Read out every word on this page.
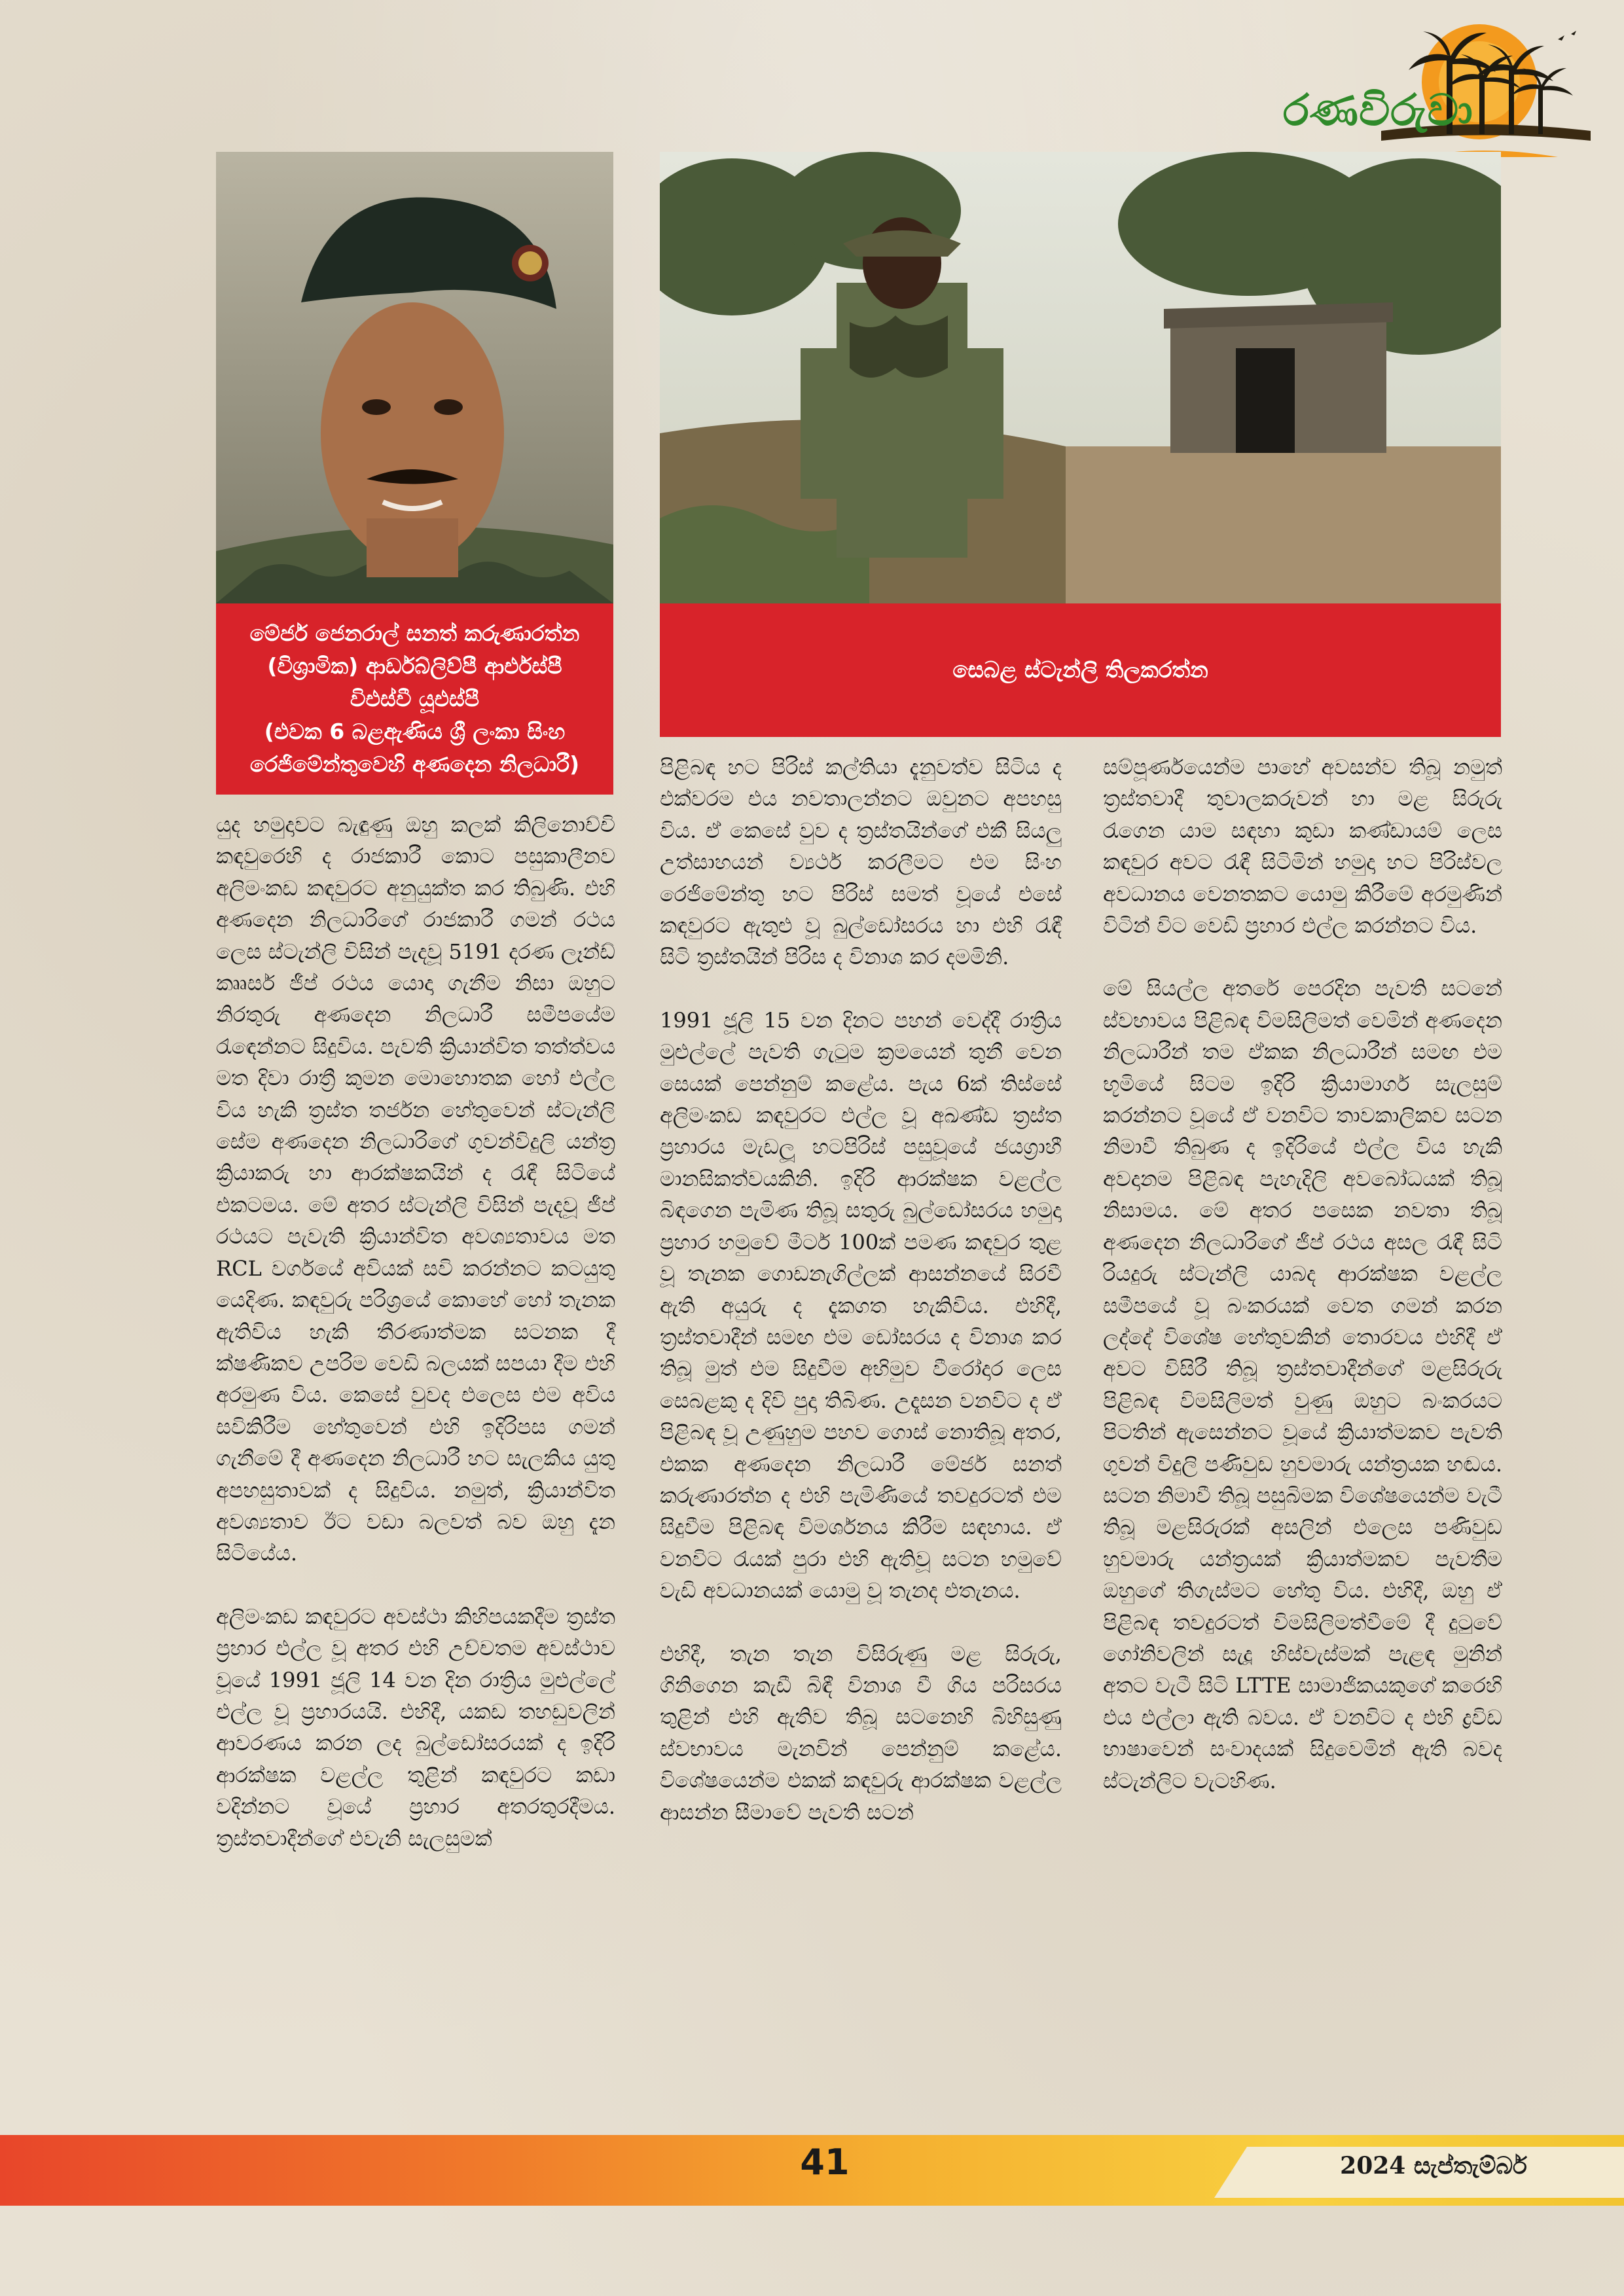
රණවිරුවා
මේජර් ජෙනරාල් සනත් කරුණාරත්න
(විශ්‍රාමික) ආර්ඩබ්ලිව්පී ආර්එස්පී
විඑස්වී යූඑස්පී
(එවක 6 බළඇණිය ශ්‍රී ලංකා සිංහ
රෙජිමේන්තුවෙහි අණදෙන නිලධාරී)
සෙබළ ස්ටැන්ලි තිලකරත්න

යුද හමුදාවට බැඳුණු ඔහු කලක් කිලිනොච්චි කඳවුරෙහි ද රාජකාරී කොට පසුකාලීනව අලිමංකඩ කඳවුරට අනුයුක්ත කර තිබුණි. එහි අණදෙන නිලධාරිගේ රාජකාරී ගමන් රථය ලෙස ස්ටැන්ලි විසින් පැදවූ 5191 දරණ ලෑන්ඩ් කෲසර් ජීප් රථය යොදා ගැනීම නිසා ඔහුට නිරතුරු අණදෙන නිලධාරී සමීපයේම රැඳෙන්නට සිදුවිය. පැවති ක්‍රියාන්විත තත්ත්වය මත දිවා රාත්‍රී කුමන මොහොතක හෝ එල්ල විය හැකි ත්‍රස්ත තර්ජන හේතුවෙන් ස්ටැන්ලි සේම අණදෙන නිලධාරිගේ ගුවන්විදුලි යන්ත්‍ර ක්‍රියාකරු හා ආරක්ෂකයින් ද රැඳී සිටියේ එකටමය. මේ අතර ස්ටැන්ලි විසින් පැදවූ ජීප් රථයට පැවැති ක්‍රියාන්විත අවශ්‍යතාවය මත RCL වර්ගයේ අවියක් සවි කරන්නට කටයුතු යෙදිණ. කඳවුරු පරිශ්‍රයේ කොහේ හෝ තැනක ඇතිවිය හැකි තීරණාත්මක සටනක දී ක්ෂණිකව උපරිම වෙඩි බලයක් සපයා දීම එහි අරමුණ විය. කෙසේ වුවද එලෙස එම අවිය සවිකිරීම හේතුවෙන් එහි ඉදිරිපස ගමන් ගැනීමේ දී අණදෙන නිලධාරී හට සැලකිය යුතු අපහසුතාවක් ද සිදුවිය. නමුත්, ක්‍රියාන්විත අවශ්‍යතාව ඊට වඩා බලවත් බව ඔහු දැන සිටියේය.

අලිමංකඩ කඳවුරට අවස්ථා කිහිපයකදීම ත්‍රස්ත ප්‍රහාර එල්ල වූ අතර එහි උච්චතම අවස්ථාව වූයේ 1991 ජූලි 14 වන දින රාත්‍රිය මුළුල්ලේ එල්ල වූ ප්‍රහාරයයි. එහිදී, යකඩ තහඩුවලින් ආවරණය කරන ලද බුල්ඩෝසරයක් ද ඉදිරි ආරක්ෂක වළල්ල තුළින් කඳවුරට කඩා වදින්නට වූයේ ප්‍රහාර අතරතුරදීමය. ත්‍රස්තවාදීන්ගේ එවැනි සැලසුමක්

පිළිබඳ හට පිරිස් කල්තියා දැනුවත්ව සිටිය ද එක්වරම එය නවතාලන්නට ඔවුනට අපහසු විය. ඒ කෙසේ වුව ද ත්‍රස්තයින්ගේ එකී සියලු උත්සාහයන් ව්‍යර්ථ කරලීමට එම සිංහ රෙජිමේන්තු හට පිරිස් සමත් වූයේ එසේ කඳවුරට ඇතුළු වූ බුල්ඩෝසරය හා එහි රැඳී සිටි ත්‍රස්තයින් පිරිස ද විනාශ කර දමමිනි.

1991 ජූලි 15 වන දිනට පහන් වෙද්දී රාත්‍රිය මුළුල්ලේ පැවති ගැටුම ක්‍රමයෙන් තුනී වෙන සෙයක් පෙන්නුම් කළේය. පැය 6ක් තිස්සේ අලිමංකඩ කඳවුරට එල්ල වූ අඛණ්ඩ ත්‍රස්ත ප්‍රහාරය මැඩලූ හටපිරිස් පසුවූයේ ජයග්‍රාහී මානසිකත්වයකිනි. ඉදිරි ආරක්ෂක වළල්ල බිඳගෙන පැමිණ තිබූ සතුරු බුල්ඩෝසරය හමුදා ප්‍රහාර හමුවේ මීටර් 100ක් පමණ කඳවුර තුළ වූ තැනක ගොඩනැගිල්ලක් ආසන්නයේ සිරවී ඇති අයුරු ද දැකගත හැකිවිය. එහිදී, ත්‍රස්තවාදීන් සමඟ එම ඩෝසරය ද විනාශ කර තිබූ මුත් එම සිදුවීම අභිමුව වීරෝදාර ලෙස සෙබළකු ද දිවි පුදා තිබිණ. උදෑසන වනවිට ද ඒ පිළිබඳ වූ උණුහුම පහව ගොස් නොතිබූ අතර, එකක අණදෙන නිලධාරී මේජර් සනත් කරුණාරත්න ද එහි පැමිණියේ තවදුරටත් එම සිදුවීම පිළිබඳ විමර්ශනය කිරීම සඳහාය. ඒ වනවිට රැයක් පුරා එහි ඇතිවූ සටන හමුවේ වැඩි අවධානයක් යොමු වූ තැනද එතැනය.

එහිදී, තැන තැන විසිරුණු මළ සිරුරු, ගිනිගෙන කැඩී බිඳී විනාශ වී ගිය පරිසරය තුළින් එහි ඇතිව තිබූ සටනෙහි බිහිසුණු ස්වභාවය මැනවින් පෙන්නුම් කළේය. විශේෂයෙන්ම එකක් කඳවුරු ආරක්ෂක වළල්ල ආසන්න සීමාවේ පැවති සටන්

සම්පූර්ණයෙන්ම පාහේ අවසන්ව තිබූ නමුත් ත්‍රස්තවාදී තුවාලකරුවන් හා මළ සිරුරු රැගෙන යාම සඳහා කුඩා කණ්ඩායම් ලෙස කඳවුර අවට රැඳී සිටිමින් හමුදා හට පිරිස්වල අවධානය වෙනතකට යොමු කිරීමේ අරමුණින් විටින් විට වෙඩි ප්‍රහාර එල්ල කරන්නට විය.

මේ සියල්ල අතරේ පෙරදින පැවති සටනේ ස්වභාවය පිළිබඳ විමසිලිමත් වෙමින් අණදෙන නිලධාරීන් තම ඒකක නිලධාරීන් සමඟ එම භූමියේ සිටම ඉදිරි ක්‍රියාමාර්ග සැලසුම් කරන්නට වූයේ ඒ වනවිට තාවකාලිකව සටන නිමාවී තිබුණ ද ඉදිරියේ එල්ල විය හැකි අවදානම පිළිබඳ පැහැදිලි අවබෝධයක් තිබූ නිසාමය. මේ අතර පසෙක නවතා තිබූ අණදෙන නිලධාරිගේ ජීප් රථය අසල රැඳී සිටි රියදුරු ස්ටැන්ලි යාබද ආරක්ෂක වළල්ල සමීපයේ වූ බංකරයක් වෙත ගමන් කරන ලද්දේ විශේෂ හේතුවකින් තොරවය එහිදී ඒ අවට විසිරී තිබූ ත්‍රස්තවාදීන්ගේ මළසිරුරු පිළිබඳ විමසිලිමත් වුණු ඔහුට බංකරයට පිටතින් ඇසෙන්නට වූයේ ක්‍රියාත්මකව පැවති ගුවන් විදුලි පණිවුඩ හුවමාරු යන්ත්‍රයක හඬය. සටන නිමාවී තිබූ පසුබිමක විශේෂයෙන්ම වැටී තිබූ මළසිරුරක් අසලින් එලෙස පණිවුඩ හුවමාරු යන්ත්‍රයක් ක්‍රියාත්මකව පැවතීම ඔහුගේ තිගැස්මට හේතු විය. එහිදී, ඔහු ඒ පිළිබඳ තවදුරටත් විමසිලිමත්වීමේ දී දුටුවේ ගෝනිවලින් සැදූ හිස්වැස්මක් පැළඳ මුනින් අතට වැටී සිටි LTTE සාමාජිකයකුගේ කරෙහි එය එල්ලා ඇති බවය. ඒ වනවිට ද එහි ද්‍රවිඩ භාෂාවෙන් සංවාදයක් සිදුවෙමින් ඇති බවද ස්ටැන්ලිට වැටහිණ.

41	2024 සැප්තැම්බර්
